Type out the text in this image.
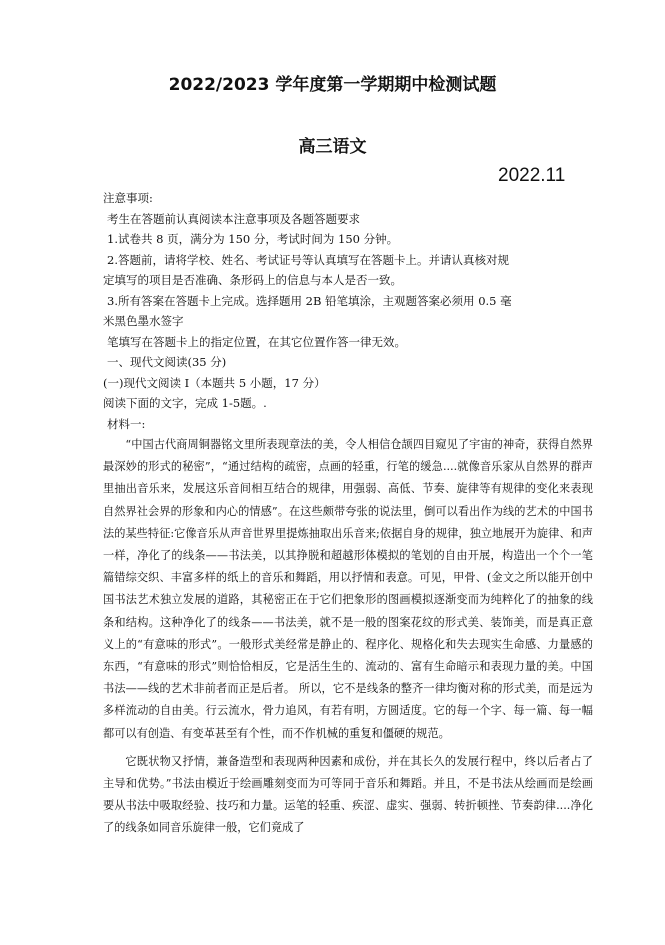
2022/2023 学年度第一学期期中检测试题
高三语文
2022.11
注意事项:
考生在答题前认真阅读本注意事项及各题答题要求
1.试卷共 8 页，满分为 150 分，考试时间为 150 分钟。
2.答题前，请将学校、姓名、考试证号等认真填写在答题卡上。并请认真核对规
定填写的项目是否准确、条形码上的信息与本人是否一致。
3.所有答案在答题卡上完成。选择题用 2B 铅笔填涂，主观题答案必须用 0.5 毫
米黑色墨水签字
笔填写在答题卡上的指定位置，在其它位置作答一律无效。
一、现代文阅读(35 分)
(一)现代文阅读 I（本题共 5 小题，17 分）
阅读下面的文字，完成 1-5题。.
材料一:

“中国古代商周铜器铭文里所表现章法的美，令人相信仓颉四目窥见了宇宙的神奇，获得自然界最深妙的形式的秘密”，“通过结构的疏密，点画的轻重，行笔的缓急....就像音乐家从自然界的群声里抽出音乐来，发展这乐音间相互结合的规律，用强弱、高低、节奏、旋律等有规律的变化来表现自然界社会界的形象和内心的情感”。在这些颇带夸张的说法里，倒可以看出作为线的艺术的中国书法的某些特征:它像音乐从声音世界里提炼抽取出乐音来;依据自身的规律，独立地展开为旋律、和声一样，净化了的线条——书法美，以其挣脱和超越形体模拟的笔划的自由开展，构造出一个个一笔篇错综交织、丰富多样的纸上的音乐和舞蹈，用以抒情和表意。可见，甲骨、(金文之所以能开创中国书法艺术独立发展的道路，其秘密正在于它们把象形的图画模拟逐渐变而为纯粹化了的抽象的线条和结构。这种净化了的线条——书法美，就不是一般的图案花纹的形式美、装饰美，而是真正意义上的“有意味的形式”。一般形式美经常是静止的、程序化、规格化和失去现实生命感、力量感的东西，“有意味的形式”则恰恰相反，它是活生生的、流动的、富有生命暗示和表现力量的美。中国书法——线的艺术非前者而正是后者。 所以，它不是线条的整齐一律均衡对称的形式美，而是远为多样流动的自由美。行云流水，骨力追风，有若有明，方圆适度。它的每一个字、每一篇、每一幅都可以有创造、有变革甚至有个性，而不作机械的重复和僵硬的规范。

它既状物又抒情，兼备造型和表现两种因素和成份，并在其长久的发展行程中，终以后者占了主导和优势。”书法由模近于绘画雕刻变而为可等同于音乐和舞蹈。并且，不是书法从绘画而是绘画要从书法中吸取经验、技巧和力量。运笔的轻重、疾涩、虚实、强弱、转折顿挫、节奏韵律....净化了的线条如同音乐旋律一般，它们竟成了
